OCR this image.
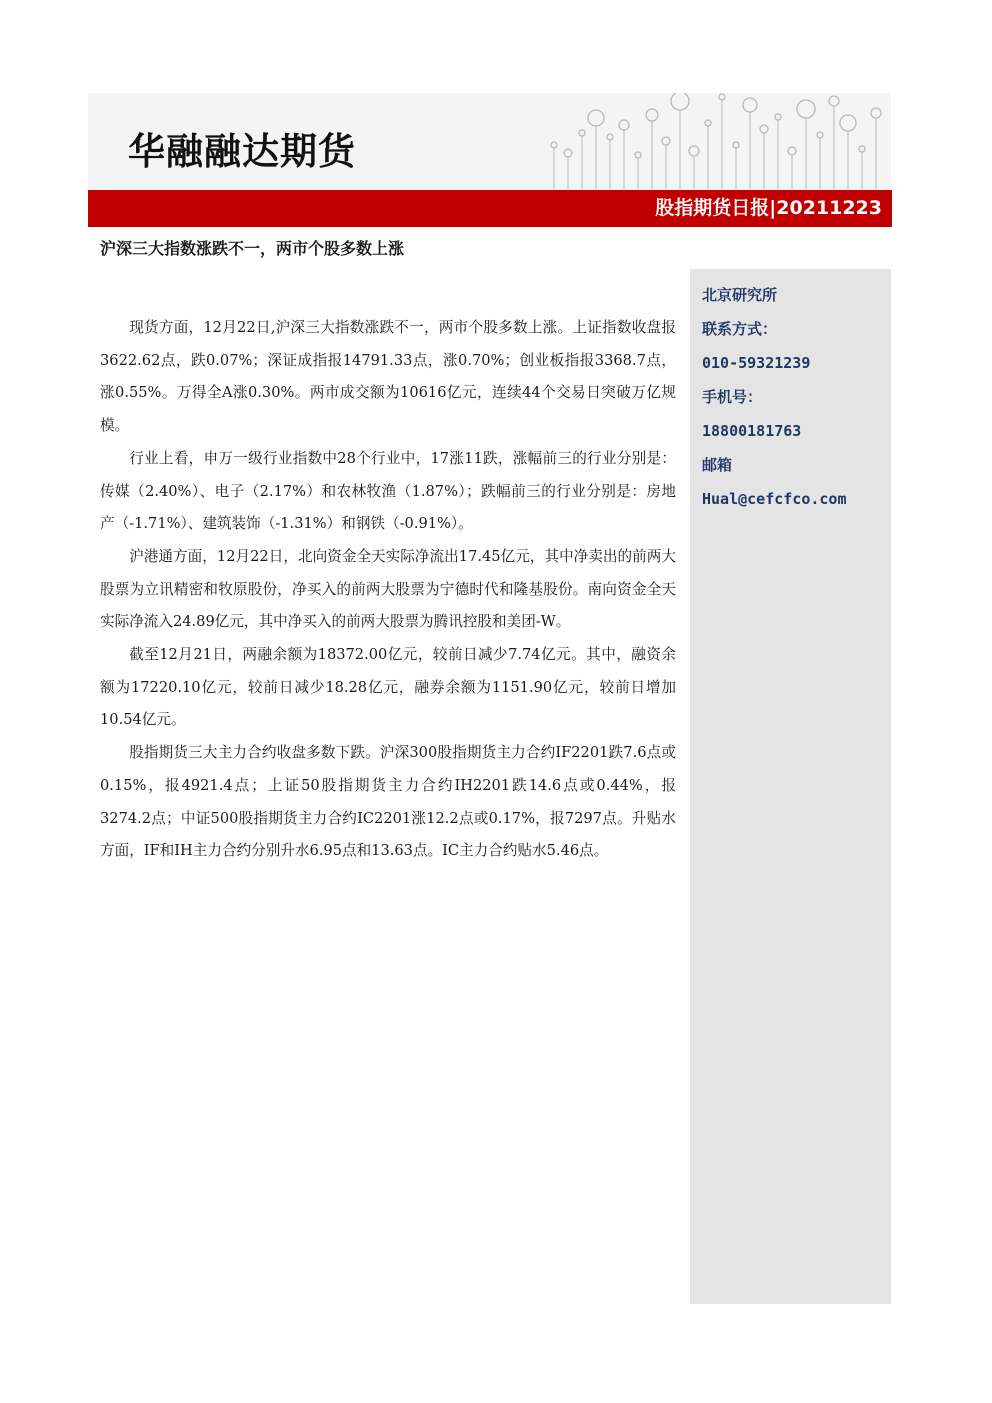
华融融达期货
股指期货日报|20211223
沪深三大指数涨跌不一，两市个股多数上涨

现货方面，12月22日,沪深三大指数涨跌不一，两市个股多数上涨。上证指数收盘报3622.62点，跌0.07%；深证成指报14791.33点，涨0.70%；创业板指报3368.7点，涨0.55%。万得全A涨0.30%。两市成交额为10616亿元，连续44个交易日突破万亿规模。

行业上看，申万一级行业指数中28个行业中，17涨11跌，涨幅前三的行业分别是：传媒（2.40%）、电子（2.17%）和农林牧渔（1.87%）；跌幅前三的行业分别是：房地产（-1.71%）、建筑装饰（-1.31%）和钢铁（-0.91%）。

沪港通方面，12月22日，北向资金全天实际净流出17.45亿元，其中净卖出的前两大股票为立讯精密和牧原股份，净买入的前两大股票为宁德时代和隆基股份。南向资金全天实际净流入24.89亿元，其中净买入的前两大股票为腾讯控股和美团-W。

截至12月21日，两融余额为18372.00亿元，较前日减少7.74亿元。其中，融资余额为17220.10亿元，较前日减少18.28亿元，融券余额为1151.90亿元，较前日增加10.54亿元。

股指期货三大主力合约收盘多数下跌。沪深300股指期货主力合约IF2201跌7.6点或0.15%，报4921.4点；上证50股指期货主力合约IH2201跌14.6点或0.44%，报3274.2点；中证500股指期货主力合约IC2201涨12.2点或0.17%，报7297点。升贴水方面，IF和IH主力合约分别升水6.95点和13.63点。IC主力合约贴水5.46点。

北京研究所
联系方式：
010-59321239
手机号：
18800181763
邮箱
Hual@cefcfco.com
